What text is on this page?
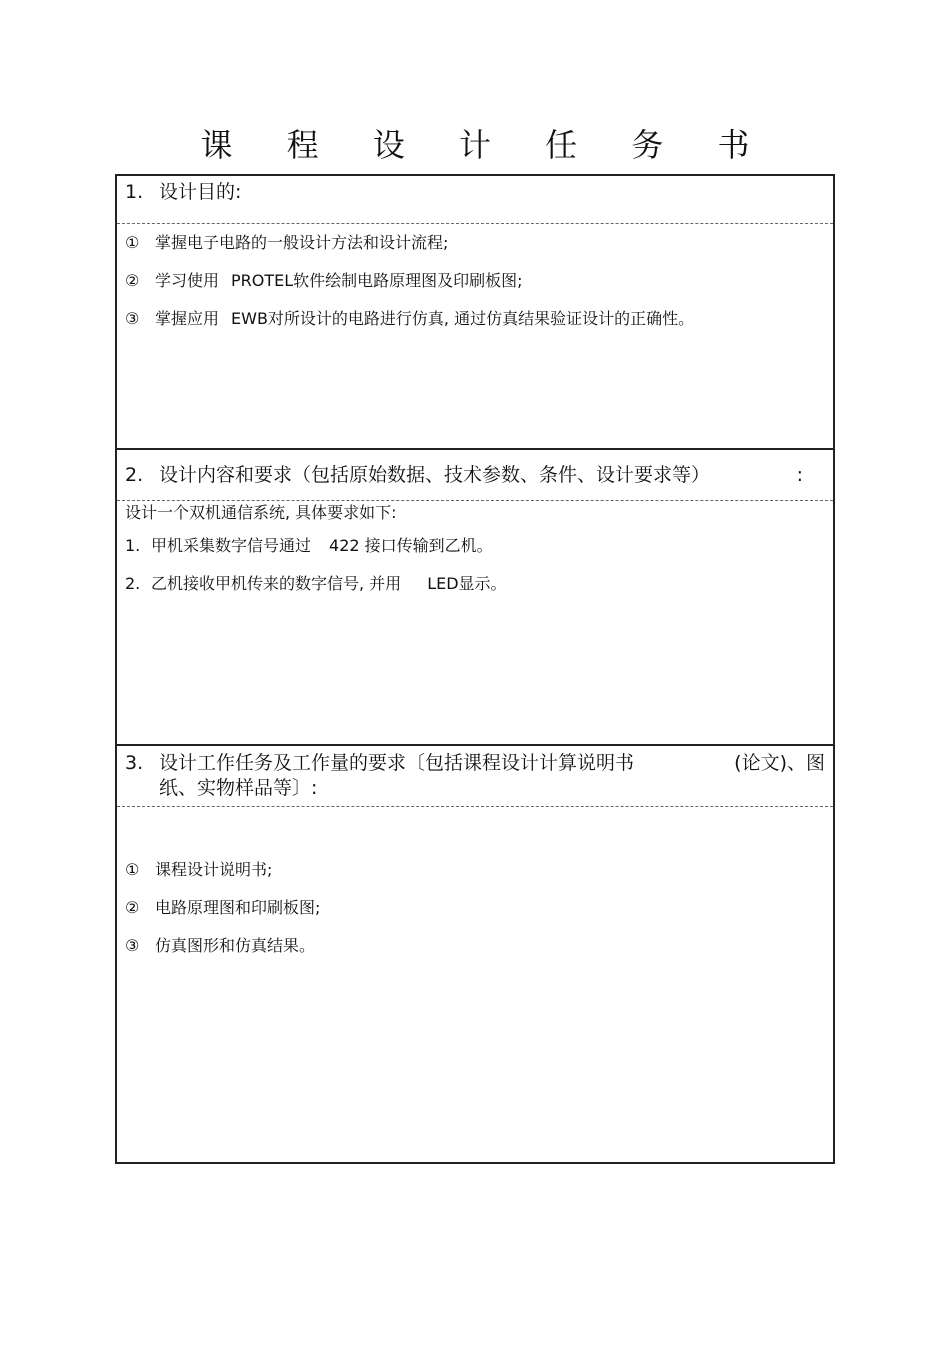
课 程 设 计 任 务 书
1. 设计目的:
① 掌握电子电路的一般设计方法和设计流程;
② 学习使用 PROTEL 软件绘制电路原理图及印刷板图;
③ 掌握应用 EWB 对所设计的电路进行仿真, 通过仿真结果验证设计的正确性。
2. 设计内容和要求（包括原始数据、技术参数、条件、设计要求等）	:
设计一个双机通信系统, 具体要求如下:
1. 甲机采集数字信号通过 422 接口传输到乙机。
2. 乙机接收甲机传来的数字信号, 并用 LED显示。
3. 设计工作任务及工作量的要求〔包括课程设计计算说明书	(论文)、图
纸、实物样品等〕:
① 课程设计说明书;
② 电路原理图和印刷板图;
③ 仿真图形和仿真结果。
